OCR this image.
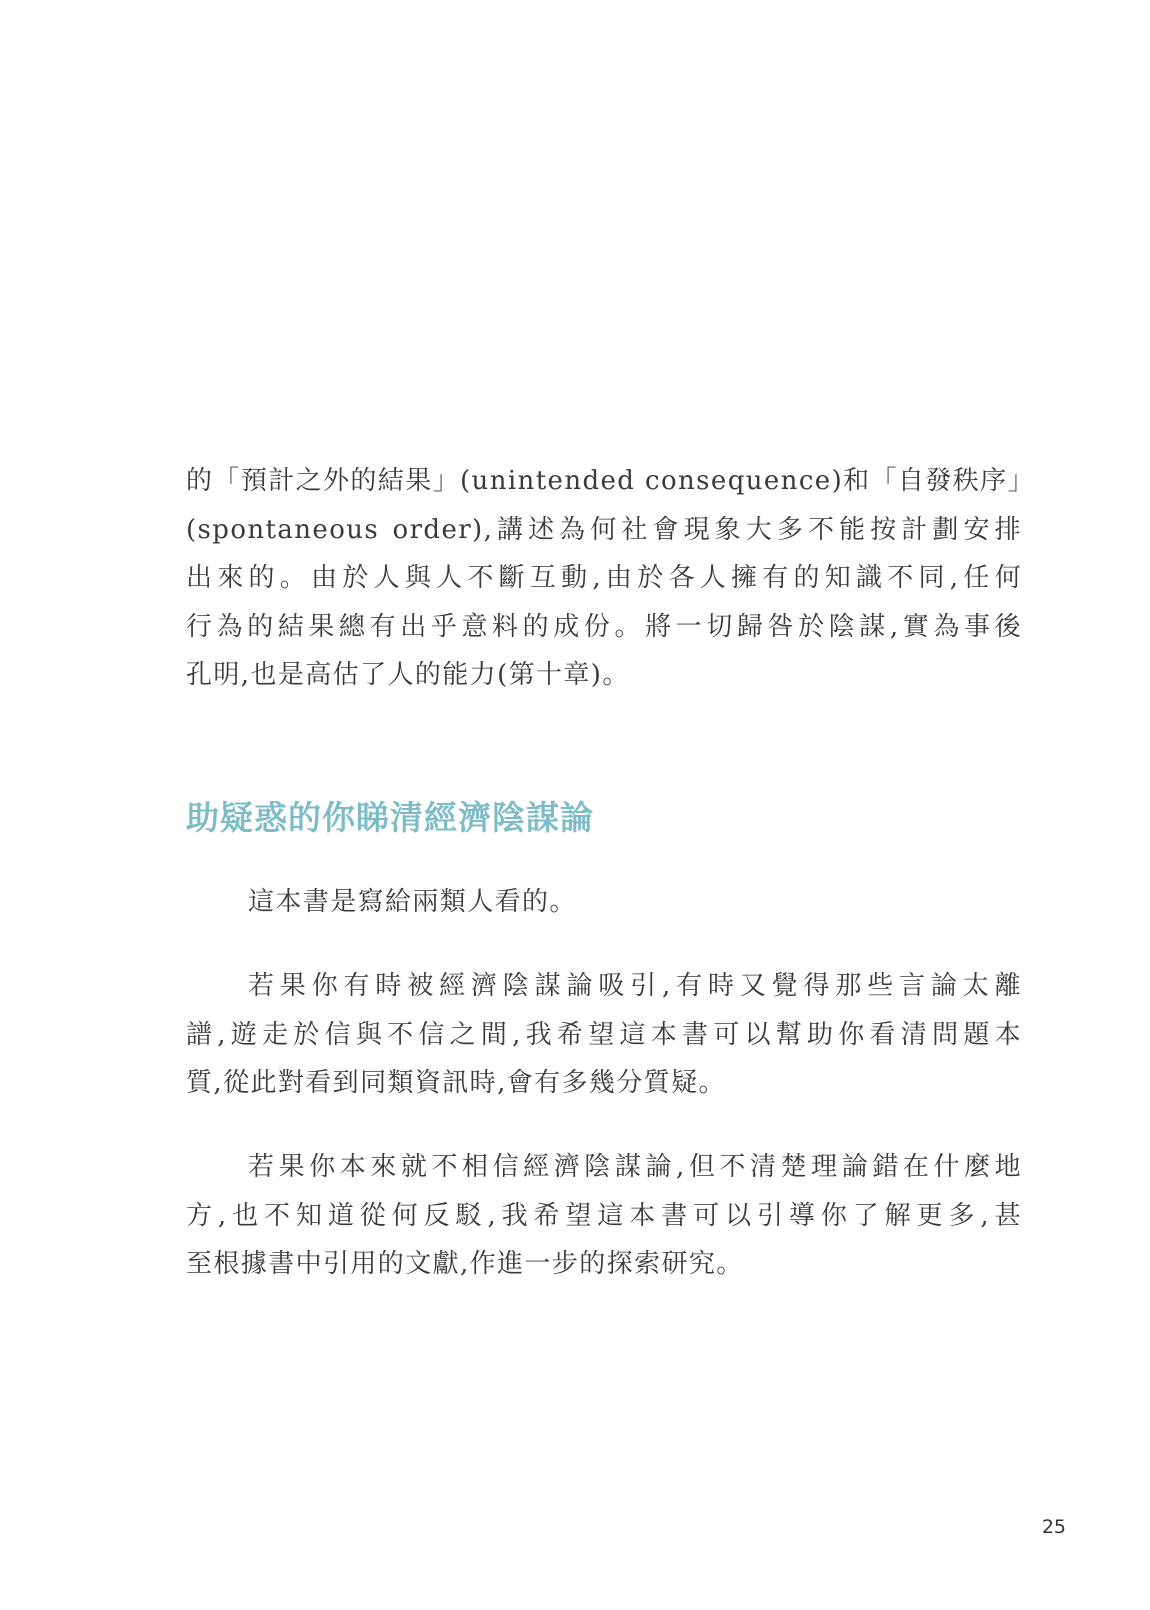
的「預計之外的結果」(unintended consequence)和「自發秩序」
(spontaneous order),講述為何社會現象大多不能按計劃安排
出來的。由於人與人不斷互動,由於各人擁有的知識不同,任何
行為的結果總有出乎意料的成份。將一切歸咎於陰謀,實為事後
孔明,也是高估了人的能力(第十章)。
助疑惑的你睇清經濟陰謀論
這本書是寫給兩類人看的。
若果你有時被經濟陰謀論吸引,有時又覺得那些言論太離
譜,遊走於信與不信之間,我希望這本書可以幫助你看清問題本
質,從此對看到同類資訊時,會有多幾分質疑。
若果你本來就不相信經濟陰謀論,但不清楚理論錯在什麼地
方,也不知道從何反駁,我希望這本書可以引導你了解更多,甚
至根據書中引用的文獻,作進一步的探索研究。
25
